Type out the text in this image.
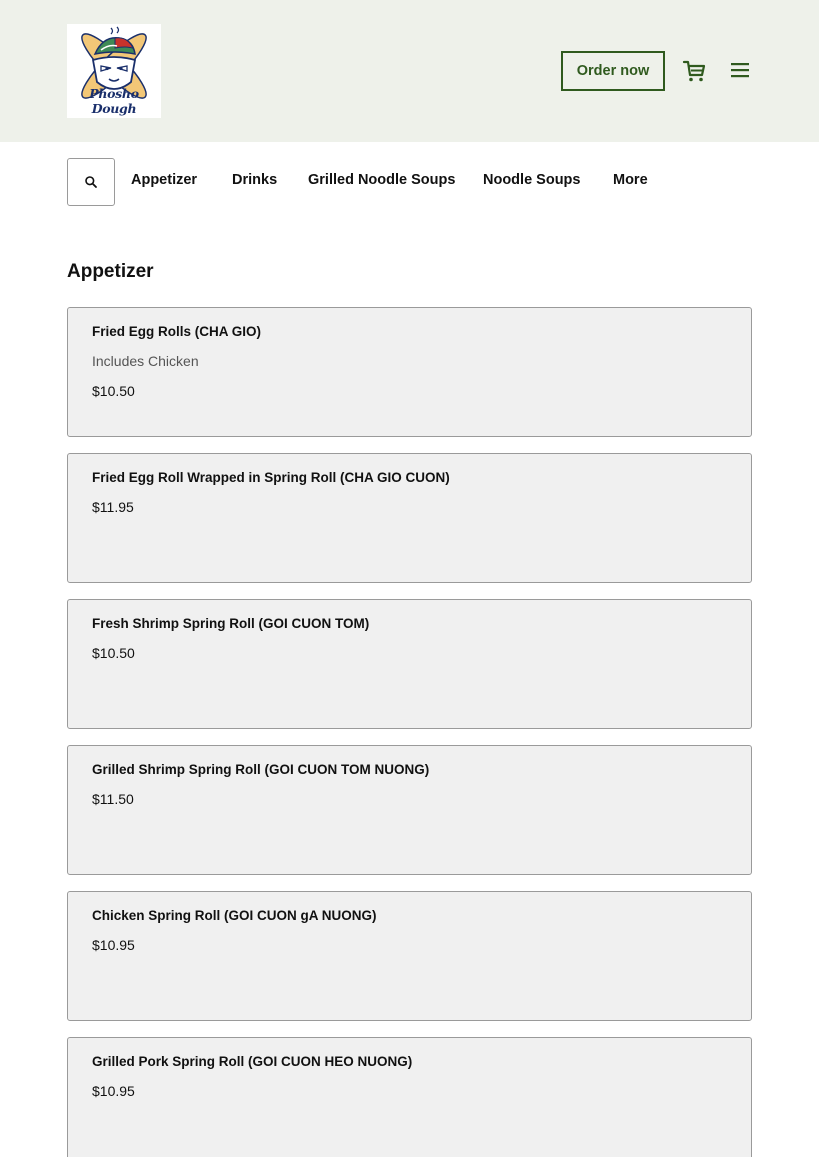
Phosho Dough
Order now
Appetizer Drinks Grilled Noodle Soups Noodle Soups More
Appetizer
Fried Egg Rolls (CHA GIO)
Includes Chicken
$10.50
Fried Egg Roll Wrapped in Spring Roll (CHA GIO CUON)
$11.95
Fresh Shrimp Spring Roll (GOI CUON TOM)
$10.50
Grilled Shrimp Spring Roll (GOI CUON TOM NUONG)
$11.50
Chicken Spring Roll (GOI CUON gA NUONG)
$10.95
Grilled Pork Spring Roll (GOI CUON HEO NUONG)
$10.95
